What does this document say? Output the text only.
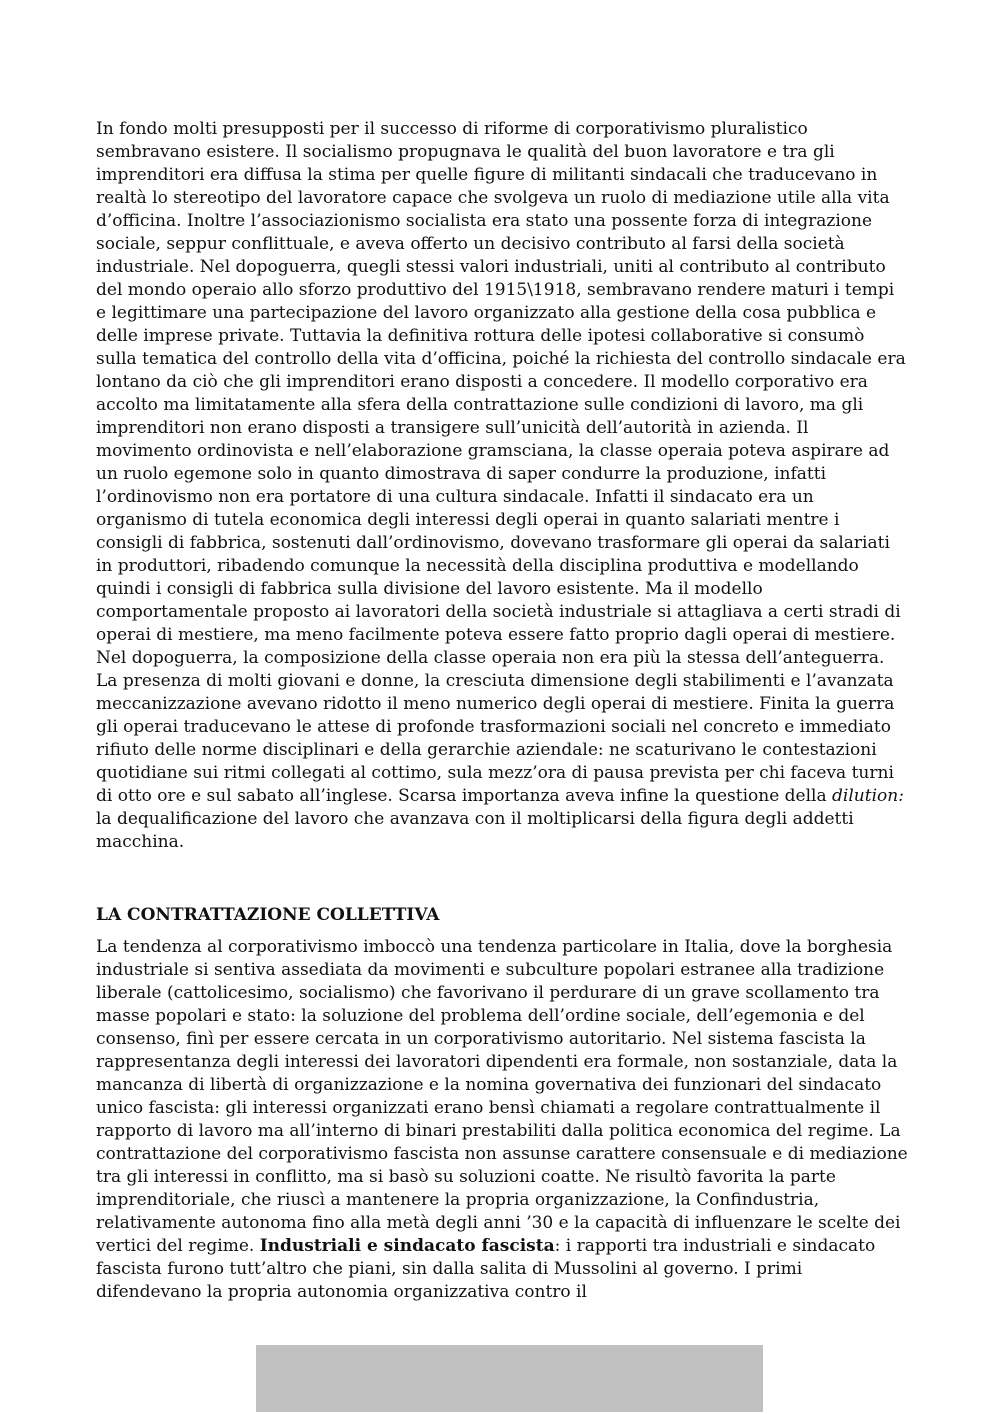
In fondo molti presupposti per il successo di riforme di corporativismo pluralistico sembravano esistere. Il socialismo propugnava le qualità del buon lavoratore e tra gli imprenditori era diffusa la stima per quelle figure di militanti sindacali che traducevano in realtà lo stereotipo del lavoratore capace che svolgeva un ruolo di mediazione utile alla vita d’officina. Inoltre l’associazionismo socialista era stato una possente forza di integrazione sociale, seppur conflittuale, e aveva offerto un decisivo contributo al farsi della società industriale. Nel dopoguerra, quegli stessi valori industriali, uniti al contributo al contributo del mondo operaio allo sforzo produttivo del 1915\1918, sembravano rendere maturi i tempi e legittimare una partecipazione del lavoro organizzato alla gestione della cosa pubblica e delle imprese private. Tuttavia la definitiva rottura delle ipotesi collaborative si consumò sulla tematica del controllo della vita d’officina, poiché la richiesta del controllo sindacale era lontano da ciò che gli imprenditori erano disposti a concedere. Il modello corporativo era accolto ma limitatamente alla sfera della contrattazione sulle condizioni di lavoro, ma gli imprenditori non erano disposti a transigere sull’unicità dell’autorità in azienda. Il movimento ordinovista e nell’elaborazione gramsciana, la classe operaia poteva aspirare ad un ruolo egemone solo in quanto dimostrava di saper condurre la produzione, infatti l’ordinovismo non era portatore di una cultura sindacale. Infatti il sindacato era un organismo di tutela economica degli interessi degli operai in quanto salariati mentre i consigli di fabbrica, sostenuti dall’ordinovismo, dovevano trasformare gli operai da salariati in produttori, ribadendo comunque la necessità della disciplina produttiva e modellando quindi i consigli di fabbrica sulla divisione del lavoro esistente. Ma il modello comportamentale proposto ai lavoratori della società industriale si attagliava a certi stradi di operai di mestiere, ma meno facilmente poteva essere fatto proprio dagli operai di mestiere. Nel dopoguerra, la composizione della classe operaia non era più la stessa dell’anteguerra. La presenza di molti giovani e donne, la cresciuta dimensione degli stabilimenti e l’avanzata meccanizzazione avevano ridotto il meno numerico degli operai di mestiere. Finita la guerra gli operai traducevano le attese di profonde trasformazioni sociali nel concreto e immediato rifiuto delle norme disciplinari e della gerarchie aziendale: ne scaturivano le contestazioni quotidiane sui ritmi collegati al cottimo, sula mezz’ora di pausa prevista per chi faceva turni di otto ore e sul sabato all’inglese. Scarsa importanza aveva infine la questione della dilution: la dequalificazione del lavoro che avanzava con il moltiplicarsi della figura degli addetti macchina.

LA CONTRATTAZIONE COLLETTIVA

La tendenza al corporativismo imboccò una tendenza particolare in Italia, dove la borghesia industriale si sentiva assediata da movimenti e subculture popolari estranee alla tradizione liberale (cattolicesimo, socialismo) che favorivano il perdurare di un grave scollamento tra masse popolari e stato: la soluzione del problema dell’ordine sociale, dell’egemonia e del consenso, finì per essere cercata in un corporativismo autoritario. Nel sistema fascista la rappresentanza degli interessi dei lavoratori dipendenti era formale, non sostanziale, data la mancanza di libertà di organizzazione e la nomina governativa dei funzionari del sindacato unico fascista: gli interessi organizzati erano bensì chiamati a regolare contrattualmente il rapporto di lavoro ma all’interno di binari prestabiliti dalla politica economica del regime. La contrattazione del corporativismo fascista non assunse carattere consensuale e di mediazione tra gli interessi in conflitto, ma si basò su soluzioni coatte. Ne risultò favorita la parte imprenditoriale, che riuscì a mantenere la propria organizzazione, la Confindustria, relativamente autonoma fino alla metà degli anni ’30 e la capacità di influenzare le scelte dei vertici del regime. Industriali e sindacato fascista: i rapporti tra industriali e sindacato fascista furono tutt’altro che piani, sin dalla salita di Mussolini al governo. I primi difendevano la propria autonomia organizzativa contro il
